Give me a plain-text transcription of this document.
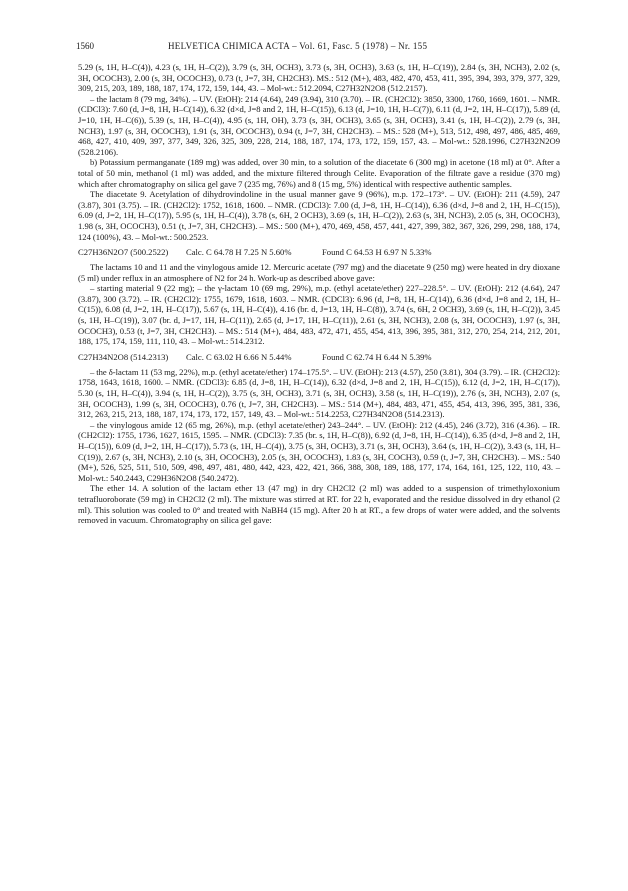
1560	HELVETICA CHIMICA ACTA – Vol. 61, Fasc. 5 (1978) – Nr. 155

5.29 (s, 1H, H–C(4)), 4.23 (s, 1H, H–C(2)), 3.79 (s, 3H, OCH3), 3.73 (s, 3H, OCH3), 3.63 (s, 1H, H–C(19)), 2.84 (s, 3H, NCH3), 2.02 (s, 3H, OCOCH3), 2.00 (s, 3H, OCOCH3), 0.73 (t, J=7, 3H, CH2CH3). MS.: 512 (M+), 483, 482, 470, 453, 411, 395, 394, 393, 379, 377, 329, 309, 215, 203, 189, 188, 187, 174, 172, 159, 144, 43. – Mol-wt.: 512.2094, C27H32N2O8 (512.2157).

– the lactam 8 (79 mg, 34%). – UV. (EtOH): 214 (4.64), 249 (3.94), 310 (3.70). – IR. (CH2Cl2): 3850, 3300, 1760, 1669, 1601. – NMR. (CDCl3): 7.60 (d, J=8, 1H, H–C(14)), 6.32 (d×d, J=8 and 2, 1H, H–C(15)), 6.13 (d, J=10, 1H, H–C(7)), 6.11 (d, J=2, 1H, H–C(17)), 5.89 (d, J=10, 1H, H–C(6)), 5.39 (s, 1H, H–C(4)), 4.95 (s, 1H, OH), 3.73 (s, 3H, OCH3), 3.65 (s, 3H, OCH3), 3.41 (s, 1H, H–C(2)), 2.79 (s, 3H, NCH3), 1.97 (s, 3H, OCOCH3), 1.91 (s, 3H, OCOCH3), 0.94 (t, J=7, 3H, CH2CH3). – MS.: 528 (M+), 513, 512, 498, 497, 486, 485, 469, 468, 427, 410, 409, 397, 377, 349, 326, 325, 309, 228, 214, 188, 187, 174, 173, 172, 159, 157, 43. – Mol-wt.: 528.1996, C27H32N2O9 (528.2106).

b) Potassium permanganate (189 mg) was added, over 30 min, to a solution of the diacetate 6 (300 mg) in acetone (18 ml) at 0°. After a total of 50 min, methanol (1 ml) was added, and the mixture filtered through Celite. Evaporation of the filtrate gave a residue (370 mg) which after chromatography on silica gel gave 7 (235 mg, 76%) and 8 (15 mg, 5%) identical with respective authentic samples.

The diacetate 9. Acetylation of dihydrovindoline in the usual manner gave 9 (96%), m.p. 172–173°. – UV. (EtOH): 211 (4.59), 247 (3.87), 301 (3.75). – IR. (CH2Cl2): 1752, 1618, 1600. – NMR. (CDCl3): 7.00 (d, J=8, 1H, H–C(14)), 6.36 (d×d, J=8 and 2, 1H, H–C(15)), 6.09 (d, J=2, 1H, H–C(17)), 5.95 (s, 1H, H–C(4)), 3.78 (s, 6H, 2 OCH3), 3.69 (s, 1H, H–C(2)), 2.63 (s, 3H, NCH3), 2.05 (s, 3H, OCOCH3), 1.98 (s, 3H, OCOCH3), 0.51 (t, J=7, 3H, CH2CH3). – MS.: 500 (M+), 470, 469, 458, 457, 441, 427, 399, 382, 367, 326, 299, 298, 188, 174, 124 (100%), 43. – Mol-wt.: 500.2523.

C27H36N2O7 (500.2522) Calc. C 64.78 H 7.25 N 5.60%	Found C 64.53 H 6.97 N 5.33%

The lactams 10 and 11 and the vinylogous amide 12. Mercuric acetate (797 mg) and the diacetate 9 (250 mg) were heated in dry dioxane (5 ml) under reflux in an atmosphere of N2 for 24 h. Work-up as described above gave:

– starting material 9 (22 mg); – the γ-lactam 10 (69 mg, 29%), m.p. (ethyl acetate/ether) 227–228.5°. – UV. (EtOH): 212 (4.64), 247 (3.87), 300 (3.72). – IR. (CH2Cl2): 1755, 1679, 1618, 1603. – NMR. (CDCl3): 6.96 (d, J=8, 1H, H–C(14)), 6.36 (d×d, J=8 and 2, 1H, H–C(15)), 6.08 (d, J=2, 1H, H–C(17)), 5.67 (s, 1H, H–C(4)), 4.16 (br. d, J=13, 1H, H–C(8)), 3.74 (s, 6H, 2 OCH3), 3.69 (s, 1H, H–C(2)), 3.45 (s, 1H, H–C(19)), 3.07 (br. d, J=17, 1H, H–C(11)), 2.65 (d, J=17, 1H, H–C(11)), 2.61 (s, 3H, NCH3), 2.08 (s, 3H, OCOCH3), 1.97 (s, 3H, OCOCH3), 0.53 (t, J=7, 3H, CH2CH3). – MS.: 514 (M+), 484, 483, 472, 471, 455, 454, 413, 396, 395, 381, 312, 270, 254, 214, 212, 201, 188, 175, 174, 159, 111, 110, 43. – Mol-wt.: 514.2312.

C27H34N2O8 (514.2313) Calc. C 63.02 H 6.66 N 5.44%	Found C 62.74 H 6.44 N 5.39%

– the δ-lactam 11 (53 mg, 22%), m.p. (ethyl acetate/ether) 174–175.5°. – UV. (EtOH): 213 (4.57), 250 (3.81), 304 (3.79). – IR. (CH2Cl2): 1758, 1643, 1618, 1600. – NMR. (CDCl3): 6.85 (d, J=8, 1H, H–C(14)), 6.32 (d×d, J=8 and 2, 1H, H–C(15)), 6.12 (d, J=2, 1H, H–C(17)), 5.30 (s, 1H, H–C(4)), 3.94 (s, 1H, H–C(2)), 3.75 (s, 3H, OCH3), 3.71 (s, 3H, OCH3), 3.58 (s, 1H, H–C(19)), 2.76 (s, 3H, NCH3), 2.07 (s, 3H, OCOCH3), 1.99 (s, 3H, OCOCH3), 0.76 (t, J=7, 3H, CH2CH3). – MS.: 514 (M+), 484, 483, 471, 455, 454, 413, 396, 395, 381, 336, 312, 263, 215, 213, 188, 187, 174, 173, 172, 157, 149, 43. – Mol-wt.: 514.2253, C27H34N2O8 (514.2313).

– the vinylogous amide 12 (65 mg, 26%), m.p. (ethyl acetate/ether) 243–244°. – UV. (EtOH): 212 (4.45), 246 (3.72), 316 (4.36). – IR. (CH2Cl2): 1755, 1736, 1627, 1615, 1595. – NMR. (CDCl3): 7.35 (br. s, 1H, H–C(8)), 6.92 (d, J=8, 1H, H–C(14)), 6.35 (d×d, J=8 and 2, 1H, H–C(15)), 6.09 (d, J=2, 1H, H–C(17)), 5.73 (s, 1H, H–C(4)), 3.75 (s, 3H, OCH3), 3.71 (s, 3H, OCH3), 3.64 (s, 1H, H–C(2)), 3.43 (s, 1H, H–C(19)), 2.67 (s, 3H, NCH3), 2.10 (s, 3H, OCOCH3), 2.05 (s, 3H, OCOCH3), 1.83 (s, 3H, COCH3), 0.59 (t, J=7, 3H, CH2CH3). – MS.: 540 (M+), 526, 525, 511, 510, 509, 498, 497, 481, 480, 442, 423, 422, 421, 366, 388, 308, 189, 188, 177, 174, 164, 161, 125, 122, 110, 43. – Mol-wt.: 540.2443, C29H36N2O8 (540.2472).

The ether 14. A solution of the lactam ether 13 (47 mg) in dry CH2Cl2 (2 ml) was added to a suspension of trimethyloxonium tetrafluoroborate (59 mg) in CH2Cl2 (2 ml). The mixture was stirred at RT. for 22 h, evaporated and the residue dissolved in dry ethanol (2 ml). This solution was cooled to 0° and treated with NaBH4 (15 mg). After 20 h at RT., a few drops of water were added, and the solvents removed in vacuum. Chromatography on silica gel gave:
